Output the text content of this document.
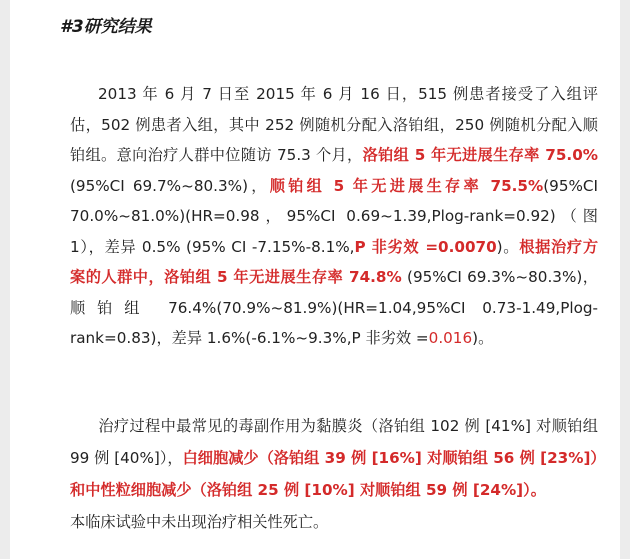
#3研究结果
2013 年 6 月 7 日至 2015 年 6 月 16 日，515 例患者接受了入组评估，502 例患者入组，其中 252 例随机分配入洛铂组，250 例随机分配入顺铂组。意向治疗人群中位随访 75.3 个月，洛铂组 5 年无进展生存率 75.0%(95%CI 69.7%~80.3%)，顺铂组 5 年无进展生存率 75.5%(95%CI 70.0%~81.0%)(HR=0.98，95%CI 0.69~1.39,Plog-rank=0.92)（图 1），差异 0.5% (95% CI -7.15%-8.1%,P 非劣效 =0.0070)。根据治疗方案的人群中，洛铂组 5 年无进展生存率 74.8% (95%CI 69.3%~80.3%)，顺铂组 76.4%(70.9%~81.9%)(HR=1.04,95%CI 0.73-1.49,Plog-rank=0.83)，差异 1.6%(-6.1%~9.3%,P 非劣效 =0.016)。
治疗过程中最常见的毒副作用为黏膜炎（洛铂组 102 例 [41%] 对顺铂组 99 例 [40%]），白细胞减少（洛铂组 39 例 [16%] 对顺铂组 56 例 [23%]）和中性粒细胞减少（洛铂组 25 例 [10%] 对顺铂组 59 例 [24%]）。
本临床试验中未出现治疗相关性死亡。
